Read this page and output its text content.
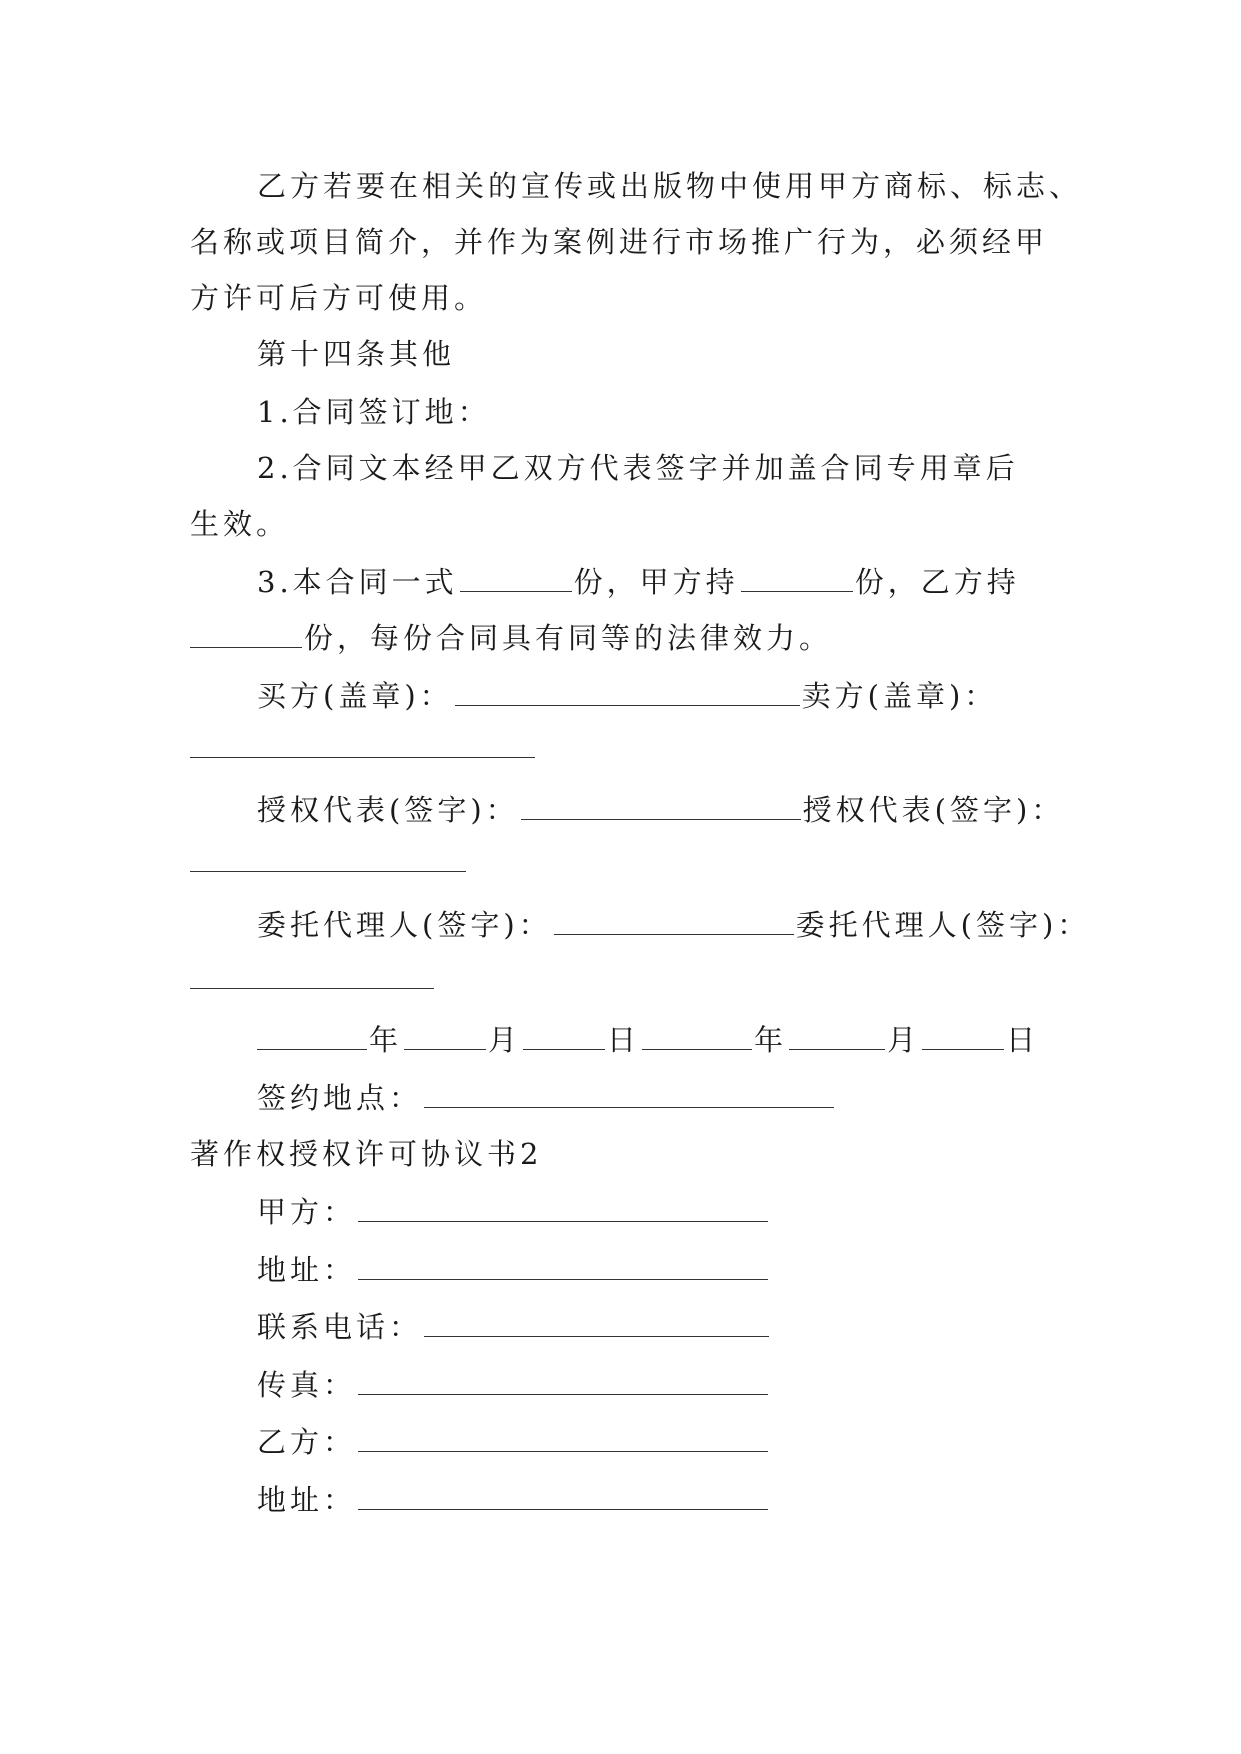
乙方若要在相关的宣传或出版物中使用甲方商标、标志、
名称或项目简介，并作为案例进行市场推广行为，必须经甲
方许可后方可使用。
第十四条其他
1.合同签订地：
2.合同文本经甲乙双方代表签字并加盖合同专用章后
生效。
3.本合同一式	份，甲方持	份，乙方持
份，每份合同具有同等的法律效力。
买方(盖章)：	卖方(盖章)：
授权代表(签字)：	授权代表(签字)：
委托代理人(签字)：	委托代理人(签字)：
年	月	日	年	月	日
签约地点：
著作权授权许可协议书2
甲方：
地址：
联系电话：
传真：
乙方：
地址：
